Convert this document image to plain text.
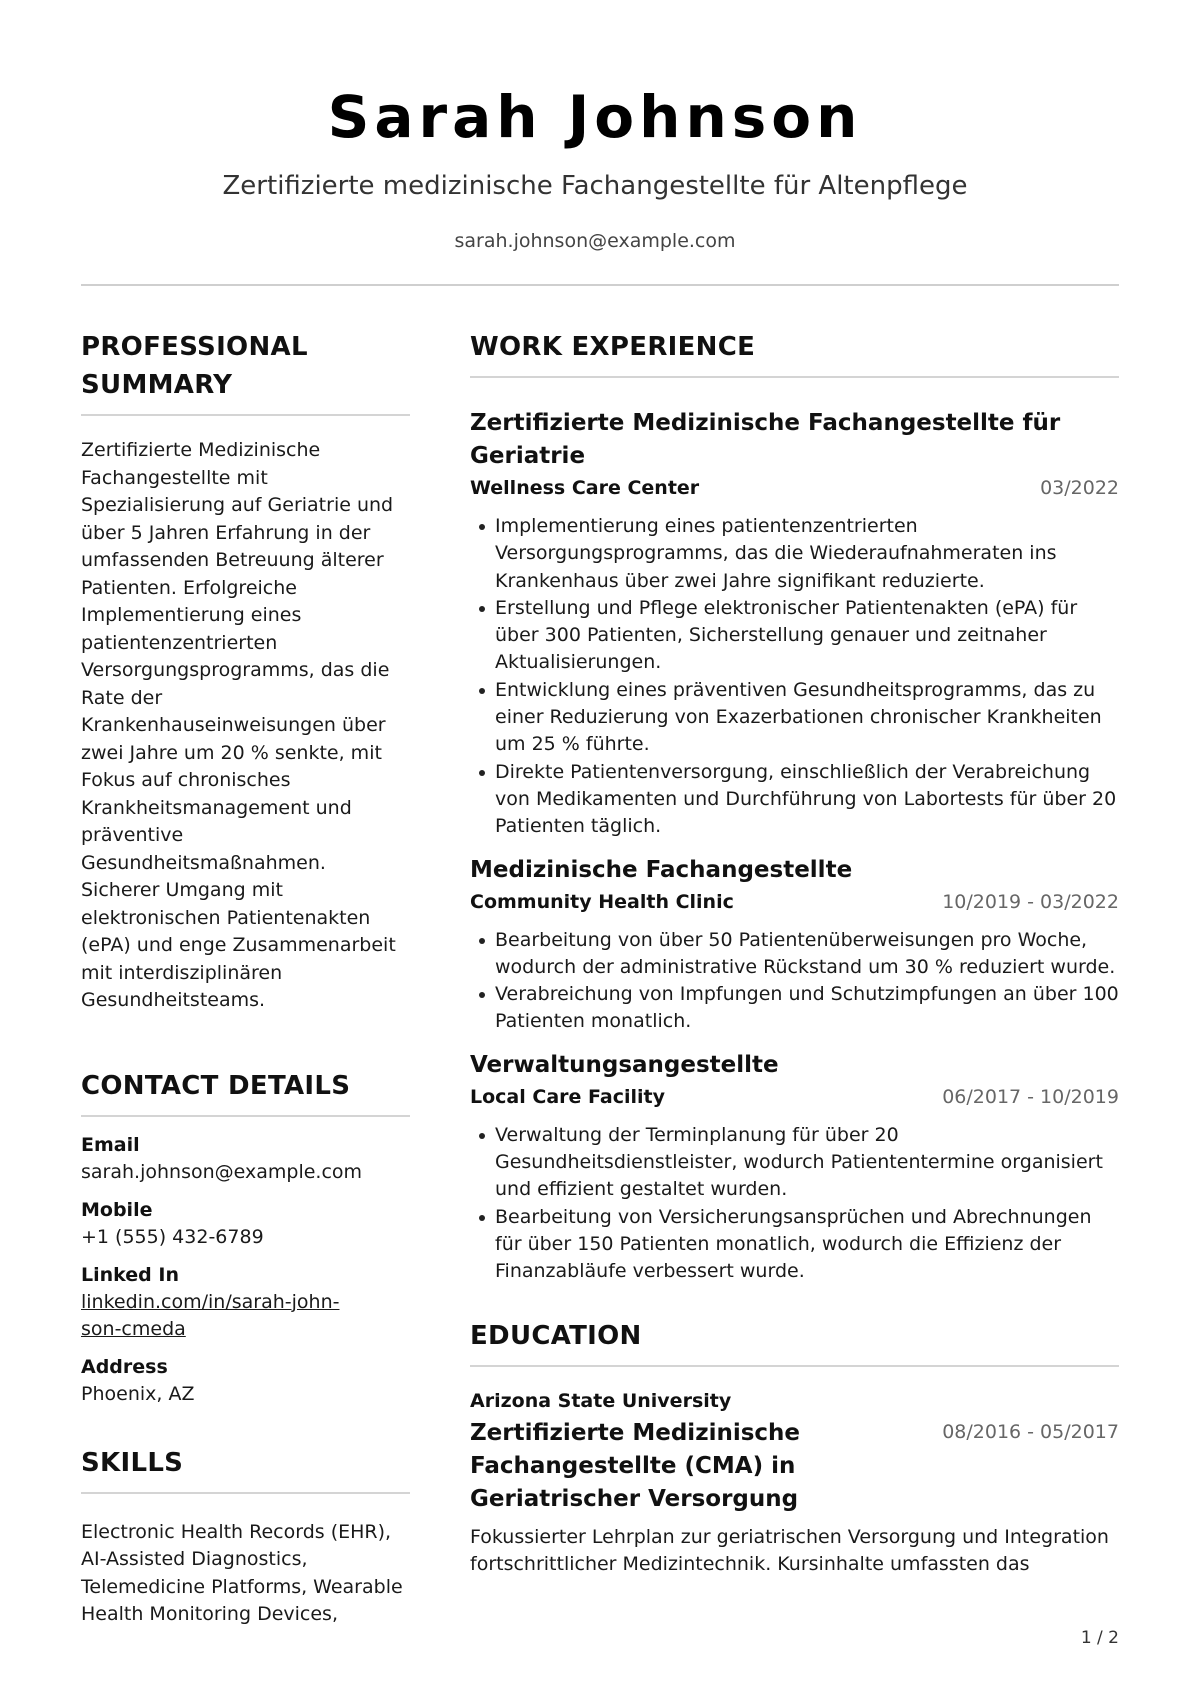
Sarah Johnson
Zertifizierte medizinische Fachangestellte für Altenpflege
sarah.johnson@example.com
PROFESSIONAL SUMMARY

Zertifizierte Medizinische Fachangestellte mit Spezialisierung auf Geriatrie und über 5 Jahren Erfahrung in der umfassenden Betreuung älterer Patienten. Erfolgreiche Implementierung eines patientenzentrierten Versorgungsprogramms, das die Rate der Krankenhauseinweisungen über zwei Jahre um 20 % senkte, mit Fokus auf chronisches Krankheitsmanagement und präventive Gesundheitsmaßnahmen. Sicherer Umgang mit elektronischen Patientenakten (ePA) und enge Zusammenarbeit mit interdisziplinären Gesundheitsteams.

CONTACT DETAILS
Email
sarah.johnson@example.com
Mobile
+1 (555) 432-6789
Linked In
linkedin.com/in/sarah-john-son-cmeda
Address
Phoenix, AZ
SKILLS

Electronic Health Records (EHR), AI-Assisted Diagnostics, Telemedicine Platforms, Wearable Health Monitoring Devices,

WORK EXPERIENCE
Zertifizierte Medizinische Fachangestellte für Geriatrie
Wellness Care Center	03/2022
Implementierung eines patientenzentrierten Versorgungsprogramms, das die Wiederaufnahmeraten ins Krankenhaus über zwei Jahre signifikant reduzierte.
Erstellung und Pflege elektronischer Patientenakten (ePA) für über 300 Patienten, Sicherstellung genauer und zeitnaher Aktualisierungen.
Entwicklung eines präventiven Gesundheitsprogramms, das zu einer Reduzierung von Exazerbationen chronischer Krankheiten um 25 % führte.
Direkte Patientenversorgung, einschließlich der Verabreichung von Medikamenten und Durchführung von Labortests für über 20 Patienten täglich.
Medizinische Fachangestellte
Community Health Clinic	10/2019 - 03/2022
Bearbeitung von über 50 Patientenüberweisungen pro Woche, wodurch der administrative Rückstand um 30 % reduziert wurde.
Verabreichung von Impfungen und Schutzimpfungen an über 100 Patienten monatlich.
Verwaltungsangestellte
Local Care Facility	06/2017 - 10/2019
Verwaltung der Terminplanung für über 20 Gesundheitsdienstleister, wodurch Patiententermine organisiert und effizient gestaltet wurden.
Bearbeitung von Versicherungsansprüchen und Abrechnungen für über 150 Patienten monatlich, wodurch die Effizienz der Finanzabläufe verbessert wurde.
EDUCATION
Arizona State University
Zertifizierte Medizinische Fachangestellte (CMA) in Geriatrischer Versorgung
08/2016 - 05/2017

Fokussierter Lehrplan zur geriatrischen Versorgung und Integration fortschrittlicher Medizintechnik. Kursinhalte umfassten das

1 / 2
